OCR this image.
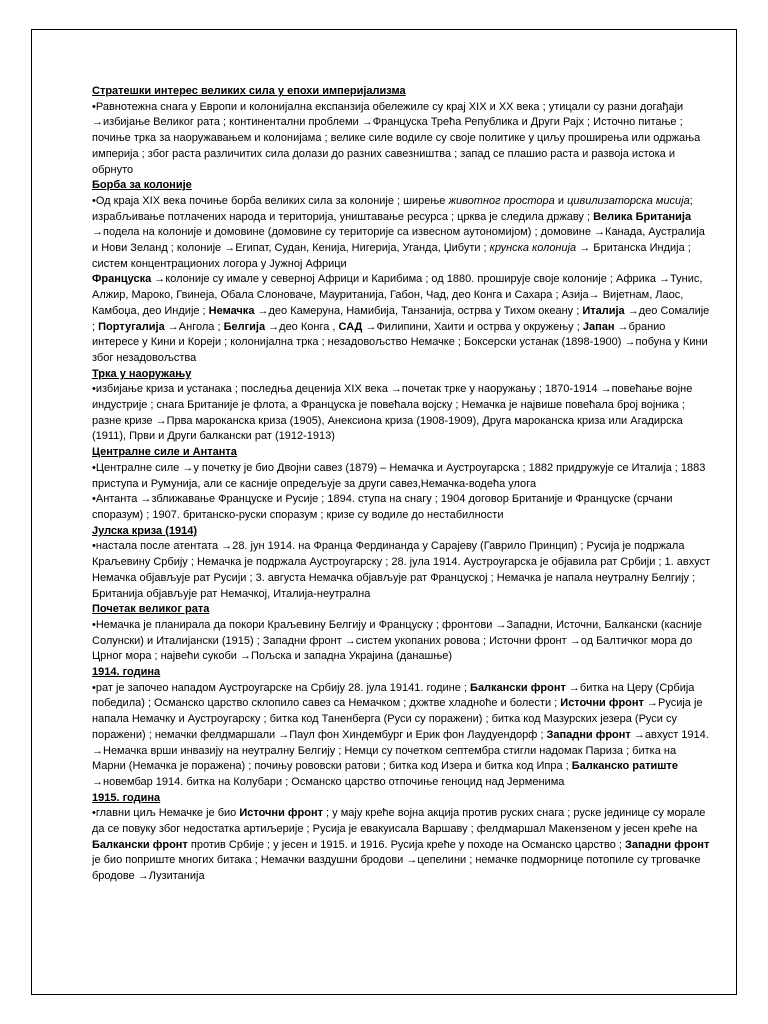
Стратешки интерес великих сила у епохи империјализма

•Равнотежна снага у Европи и колонијална експанзија обележиле су крај XIX и XX века ; утицали су разни догађаји →избијање Великог рата ; континентални проблеми →Француска Трећа Република и Други Рајх ; Источно питање ; почиње трка за наоружавањем и колонијама ; велике силе водиле су своје политике у циљу проширења или одржања империја ; због раста различитих сила долази до разних савезништва ; запад се плашио раста и развоја истока и обрнуто

Борба за колоније

•Од краја XIX века почиње борба великих сила за колоније ; ширење животног простора и цивилизаторска мисија; израбљивање потлачених народа и територија, уништавање ресурса ; црква је следила државу ; Велика Британија →подела на колоније и домовине (домовине су територије са извесном аутономијом) ; домовине →Канада, Аустралија и Нови Зеланд ; колоније →Египат, Судан, Кенија, Нигерија, Уганда, Џибути ; крунска колонија → Британска Индија ; систем концентрационих логора у Јужној Африци

Француска →колоније су имале у северној Африци и Карибима ; од 1880. проширује своје колоније ; Африка →Тунис, Алжир, Мароко, Гвинеја, Обала Слоноваче, Мауританија, Габон, Чад, део Конга и Сахара ; Азија→ Вијетнам, Лаос, Камбоџа, део Индије ; Немачка →део Камеруна, Намибија, Танзанија, острва у Тихом океану ; Италија →део Сомалије ; Португалија →Ангола ; Белгија →део Конга , САД →Филипини, Хаити и острва у окружењу ; Јапан →бранио интересе у Кини и Кореји ; колонијална трка ; незадовољство Немачке ; Боксерски устанак (1898-1900) →побуна у Кини због незадовољства

Трка у наоружању

•избијање криза и устанака ; последња деценија XIX века →почетак трке у наоружању ; 1870-1914 →повећање војне индустрије ; снага Британије је флота, а Француска је повећала војску ; Немачка је највише повећала број војника ; разне кризе →Прва мароканска криза (1905), Анексиона криза (1908-1909), Друга мароканска криза или Агадирска (1911), Први и Други балкански рат (1912-1913)

Централне силе и Антанта

•Централне силе →у почетку је био Двојни савез (1879) – Немачка и Аустроугарска ; 1882 придружује се Италија ; 1883 приступа и Румунија, али се касније опредељује за други савез,Немачка-водећа улога

•Антанта →зближавање Француске и Русије ; 1894. ступа на снагу ; 1904 договор Британије и Француске (срчани споразум) ; 1907. британско-руски споразум ; кризе су водиле до нестабилности

Јулска криза (1914)

•настала после атентата →28. јун 1914. на Франца Фердинанда у Сарајеву (Гаврило Принцип) ; Русија је подржала Краљевину Србију ; Немачка је подржала Аустроугарску ; 28. јула 1914. Аустроугарска је објавила рат Србији ; 1. авхуст Немачка објављује рат Русији ; 3. августа Немачка објављује рат Француској ; Немачка је напала неутралну Белгију ; Британија објављује рат Немачкој, Италија-неутрална

Почетак великог рата

•Немачка је планирала да покори Краљевину Белгију и Француску ; фронтови →Западни, Источни, Балкански (касније Солунски) и Италијански (1915) ; Западни фронт →систем укопаних ровова ; Источни фронт →од Балтичког мора до Црног мора ; највећи сукоби →Пољска и западна Украјина (данашње)

1914. година

•рат је започео нападом Аустроугарске на Србију 28. јула 19141. године ; Балкански фронт →битка на Церу (Србија победила) ; Османско царство склопило савез са Немачком ; дхжтве хладноће и болести ; Источни фронт →Русија је напала Немачку и Аустроугарску ; битка код Таненберга (Руси су поражени) ; битка код Мазурских језера (Руси су поражени) ; немачки фелдмаршали →Паул фон Хиндембург и Ерик фон Лаудуендорф ; Западни фронт →авхуст 1914. →Немачка врши инвазију на неутралну Белгију ; Немци су почетком септембра стигли надомак Париза ; битка на Марни (Немачка је поражена) ; почињу рововски ратови ; битка код Изера и битка код Ипра ; Балканско ратиште →новембар 1914. битка на Колубари ; Османско царство отпочиње геноцид над Јерменима

1915. година

•главни циљ Немачке је био Источни фронт ; у мају креће војна акција против руских снага ; руске јединице су морале да се повуку због недостатка артиљерије ; Русија је евакуисала Варшаву ; фелдмаршал Макензеном у јесен креће на Балкански фронт против Србије ; у јесен и 1915. и 1916. Русија креће у походе на Османско царство ; Западни фронт је био поприште многих битака ; Немачки ваздушни бродови →цепелини ; немачке подморнице потопиле су трговачке бродове →Лузитанија
